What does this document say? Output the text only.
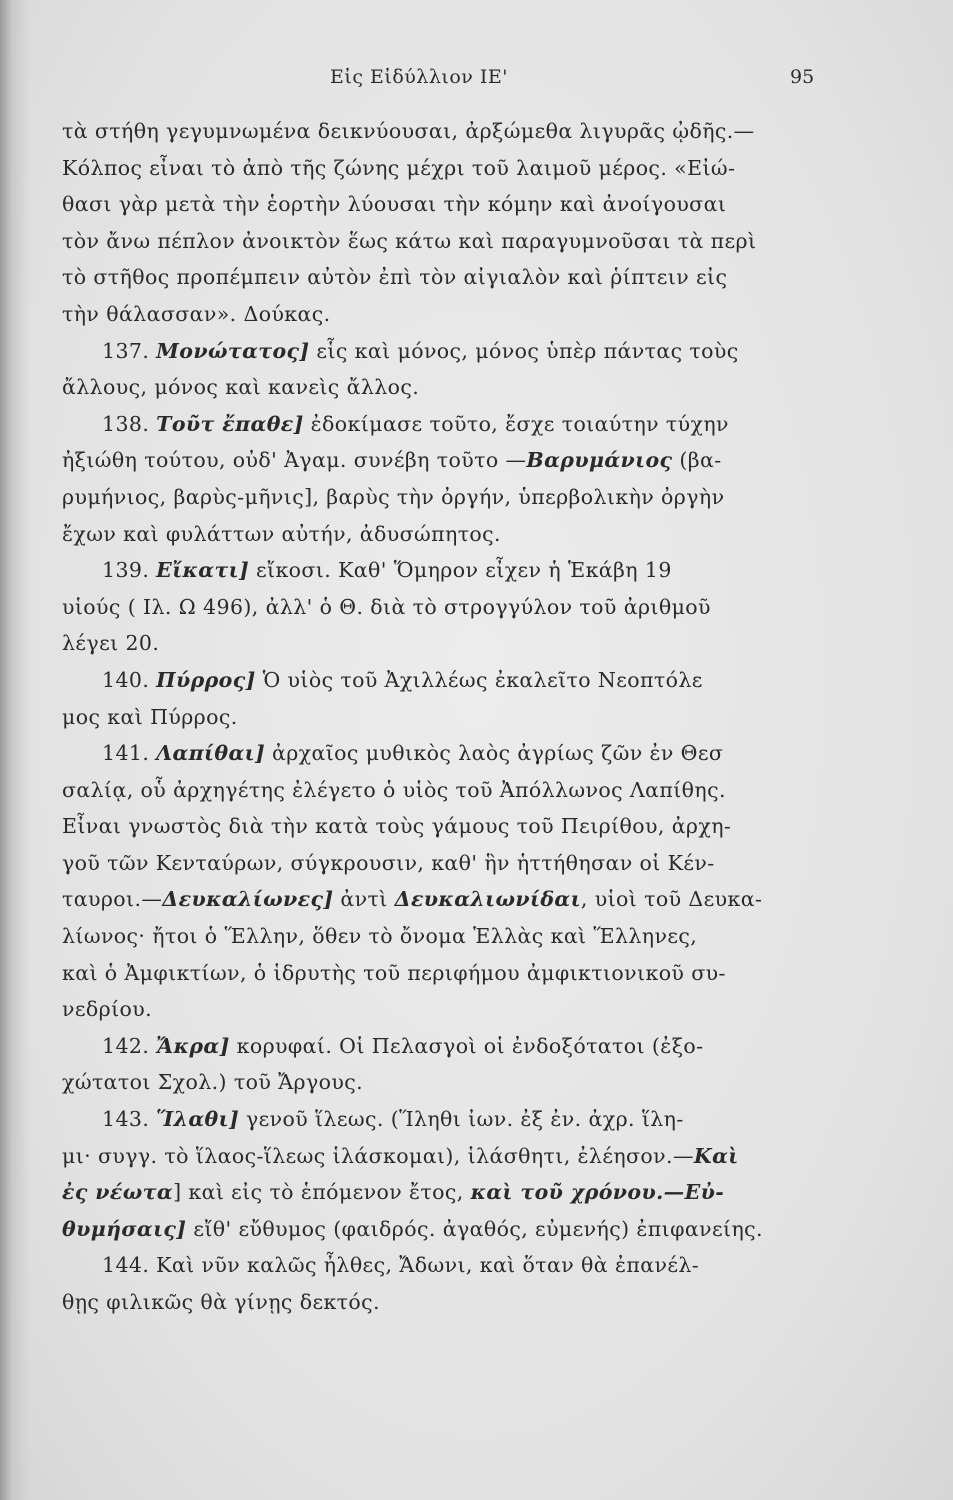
Εἰς Εἰδύλλιον ΙΕ'	95
τὰ στήθη γεγυμνωμένα δεικνύουσαι, ἀρξώμεθα λιγυρᾶς ᾠδῆς.—
Κόλπος εἶναι τὸ ἀπὸ τῆς ζώνης μέχρι τοῦ λαιμοῦ μέρος. «Εἰώ-
θασι γὰρ μετὰ τὴν ἑορτὴν λύουσαι τὴν κόμην καὶ ἀνοίγουσαι
τὸν ἄνω πέπλον ἀνοικτὸν ἕως κάτω καὶ παραγυμνοῦσαι τὰ περὶ
τὸ στῆθος προπέμπειν αὐτὸν ἐπὶ τὸν αἰγιαλὸν καὶ ῥίπτειν εἰς
τὴν θάλασσαν». Δούκας.
137. Μονώτατος] εἷς καὶ μόνος, μόνος ὑπὲρ πάντας τοὺς
ἄλλους, μόνος καὶ κανεὶς ἄλλος.
138. Τοῦτ ἔπαθε] ἐδοκίμασε τοῦτο, ἔσχε τοιαύτην τύχην
ἠξιώθη τούτου, οὐδ' Ἀγαμ. συνέβη τοῦτο —Βαρυμάνιος (βα-
ρυμήνιος, βαρὺς-μῆνις], βαρὺς τὴν ὀργήν, ὑπερβολικὴν ὀργὴν
ἔχων καὶ φυλάττων αὐτήν, ἀδυσώπητος.
139. Εἴκατι] εἴκοσι. Καθ' Ὅμηρον εἶχεν ἡ Ἑκάβη 19
υἱούς ( Ιλ. Ω 496), ἀλλ' ὁ Θ. διὰ τὸ στρογγύλον τοῦ ἀριθμοῦ
λέγει 20.
140. Πύρρος] Ὁ υἱὸς τοῦ Ἀχιλλέως ἐκαλεῖτο Νεοπτόλε
μος καὶ Πύρρος.
141. Λαπίθαι] ἀρχαῖος μυθικὸς λαὸς ἀγρίως ζῶν ἐν Θεσ
σαλίᾳ, οὗ ἀρχηγέτης ἐλέγετο ὁ υἱὸς τοῦ Ἀπόλλωνος Λαπίθης.
Εἶναι γνωστὸς διὰ τὴν κατὰ τοὺς γάμους τοῦ Πειρίθου, ἀρχη-
γοῦ τῶν Κενταύρων, σύγκρουσιν, καθ' ἣν ἡττήθησαν οἱ Κέν-
ταυροι.—Δευκαλίωνες] ἀντὶ Δευκαλιωνίδαι, υἱοὶ τοῦ Δευκα-
λίωνος· ἤτοι ὁ Ἕλλην, ὅθεν τὸ ὄνομα Ἑλλὰς καὶ Ἕλληνες,
καὶ ὁ Ἀμφικτίων, ὁ ἱδρυτὴς τοῦ περιφήμου ἀμφικτιονικοῦ συ-
νεδρίου.
142. Ἄκρα] κορυφαί. Οἱ Πελασγοὶ οἱ ἐνδοξότατοι (ἐξο-
χώτατοι Σχολ.) τοῦ Ἄργους.
143. Ἵλαθι] γενοῦ ἵλεως. (Ἵληθι ἰων. ἐξ ἐν. ἀχρ. ἵλη-
μι· συγγ. τὸ ἵλαος-ἵλεως ἱλάσκομαι), ἱλάσθητι, ἐλέησον.—Καὶ
ἐς νέωτα] καὶ εἰς τὸ ἑπόμενον ἔτος, καὶ τοῦ χρόνου.—Εὐ-
θυμήσαις] εἴθ' εὔθυμος (φαιδρός. ἀγαθός, εὐμενής) ἐπιφανείης.
144. Καὶ νῦν καλῶς ἦλθες, Ἄδωνι, καὶ ὅταν θὰ ἐπανέλ-
θῃς φιλικῶς θὰ γίνῃς δεκτός.
